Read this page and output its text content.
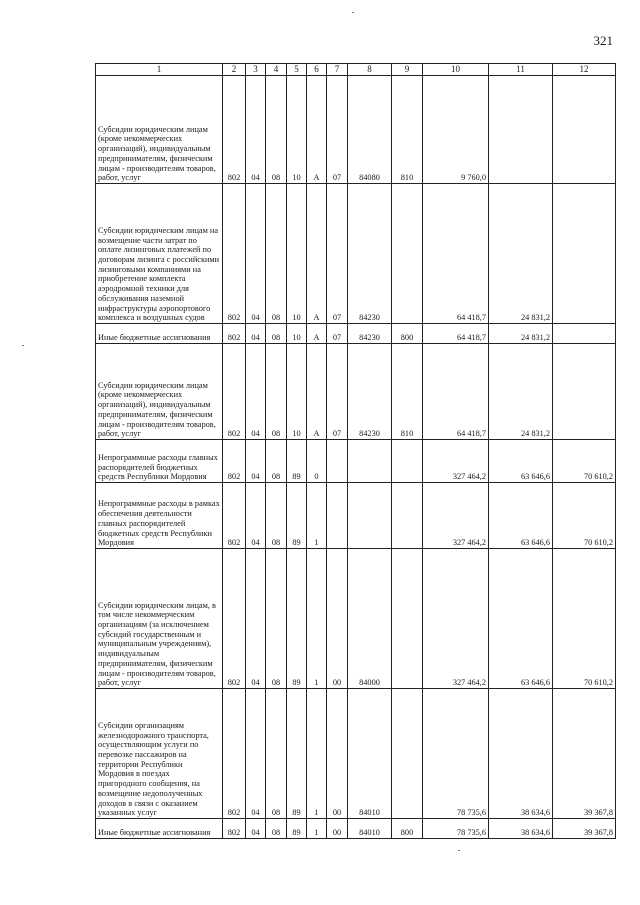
321
1	2	3	4	5	6	7	8	9	10	11	12

Субсидии юридическим лицам (кроме некоммерческих организаций), индивидуальным предпринимателям, физическим лицам - производителям товаров, работ, услуг	802	04	08	10	А	07	84080	810	9 760,0		

Субсидии юридическим лицам на возмещение части затрат по оплате лизинговых платежей по договорам лизинга с российскими лизинговыми компаниями на приобретение комплекта аэродромной техники для обслуживания наземной инфраструктуры аэропортового комплекса и воздушных судов	802	04	08	10	А	07	84230		64 418,7	24 831,2	

Иные бюджетные ассигнования	802	04	08	10	А	07	84230	800	64 418,7	24 831,2	

Субсидии юридическим лицам (кроме некоммерческих организаций), индивидуальным предпринимателям, физическим лицам - производителям товаров, работ, услуг	802	04	08	10	А	07	84230	810	64 418,7	24 831,2	

Непрограммные расходы главных распорядителей бюджетных средств Республики Мордовия	802	04	08	89	0				327 464,2	63 646,6	70 610,2

Непрограммные расходы в рамках обеспечения деятельности главных распорядителей бюджетных средств Республики Мордовия	802	04	08	89	1				327 464,2	63 646,6	70 610,2

Субсидии юридическим лицам, в том числе некоммерческим организациям (за исключением субсидий государственным и муниципальным учреждениям), индивидуальным предпринимателям, физическим лицам - производителям товаров, работ, услуг	802	04	08	89	1	00	84000		327 464,2	63 646,6	70 610,2

Субсидии организациям железнодорожного транспорта, осуществляющим услуги по перевозке пассажиров на территории Республики Мордовия в поездах пригородного сообщения, на возмещение недополученных доходов в связи с оказанием указанных услуг	802	04	08	89	1	00	84010		78 735,6	38 634,6	39 367,8

Иные бюджетные ассигнования	802	04	08	89	1	00	84010	800	78 735,6	38 634,6	39 367,8
